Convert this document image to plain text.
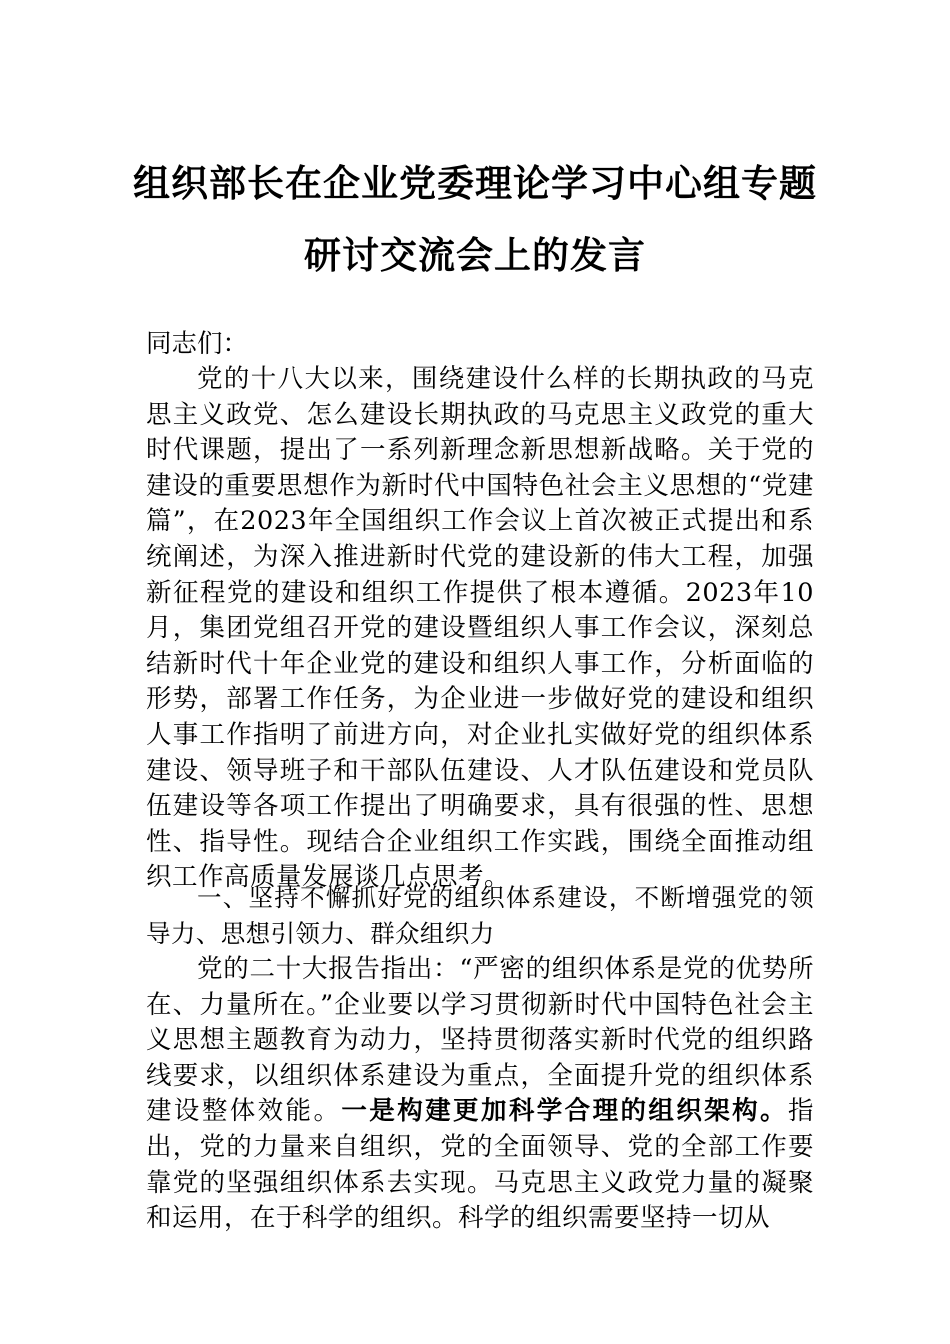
组织部长在企业党委理论学习中心组专题
研讨交流会上的发言
同志们：
党的十八大以来，围绕建设什么样的长期执政的马克思主义政党、怎么建设长期执政的马克思主义政党的重大时代课题，提出了一系列新理念新思想新战略。关于党的建设的重要思想作为新时代中国特色社会主义思想的“党建篇”，在2023年全国组织工作会议上首次被正式提出和系统阐述，为深入推进新时代党的建设新的伟大工程，加强新征程党的建设和组织工作提供了根本遵循。2023年10月，集团党组召开党的建设暨组织人事工作会议，深刻总结新时代十年企业党的建设和组织人事工作，分析面临的形势，部署工作任务，为企业进一步做好党的建设和组织人事工作指明了前进方向，对企业扎实做好党的组织体系建设、领导班子和干部队伍建设、人才队伍建设和党员队伍建设等各项工作提出了明确要求，具有很强的性、思想性、指导性。现结合企业组织工作实践，围绕全面推动组织工作高质量发展谈几点思考。
一、坚持不懈抓好党的组织体系建设，不断增强党的领导力、思想引领力、群众组织力
党的二十大报告指出：“严密的组织体系是党的优势所在、力量所在。”企业要以学习贯彻新时代中国特色社会主义思想主题教育为动力，坚持贯彻落实新时代党的组织路线要求，以组织体系建设为重点，全面提升党的组织体系建设整体效能。一是构建更加科学合理的组织架构。指出，党的力量来自组织，党的全面领导、党的全部工作要靠党的坚强组织体系去实现。马克思主义政党力量的凝聚和运用，在于科学的组织。科学的组织需要坚持一切从
